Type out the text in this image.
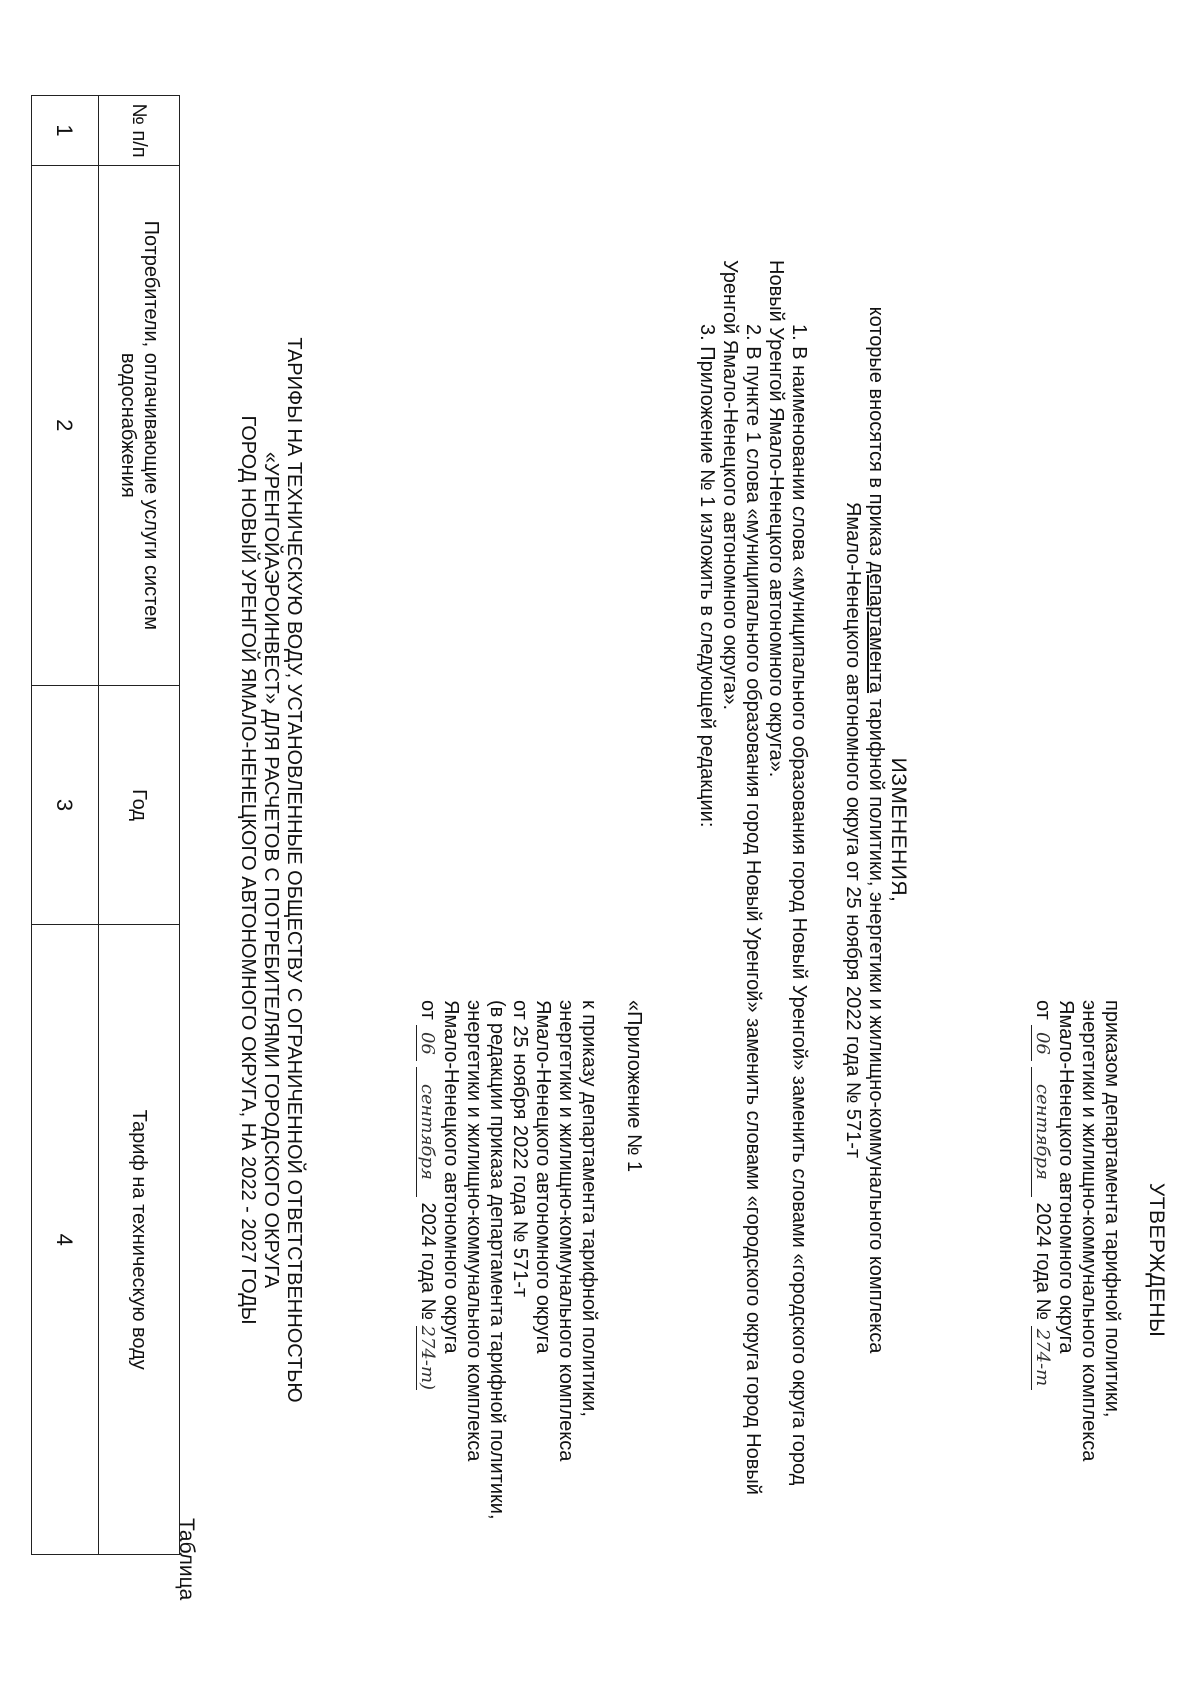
УТВЕРЖДЕНЫ
приказом департамента тарифной политики,
энергетики и жилищно-коммунального комплекса
Ямало-Ненецкого автономного округа
от 06 сентября 2024 года № 274-т
ИЗМЕНЕНИЯ,
которые вносятся в приказ департамента тарифной политики, энергетики и жилищно-коммунального комплекса
Ямало-Ненецкого автономного округа от 25 ноября 2022 года № 571-т
1. В наименовании слова «муниципального образования город Новый Уренгой» заменить словами «городского округа город
Новый Уренгой Ямало-Ненецкого автономного округа».
2. В пункте 1 слова «муниципального образования город Новый Уренгой» заменить словами «городского округа город Новый
Уренгой Ямало-Ненецкого автономного округа».
3. Приложение № 1 изложить в следующей редакции:
«Приложение № 1
к приказу департамента тарифной политики,
энергетики и жилищно-коммунального комплекса
Ямало-Ненецкого автономного округа
от 25 ноября 2022 года № 571-т
(в редакции приказа департамента тарифной политики,
энергетики и жилищно-коммунального комплекса
Ямало-Ненецкого автономного округа
от 06 сентября 2024 года № 274-т)
ТАРИФЫ НА ТЕХНИЧЕСКУЮ ВОДУ, УСТАНОВЛЕННЫЕ ОБЩЕСТВУ С ОГРАНИЧЕННОЙ ОТВЕТСТВЕННОСТЬЮ
«УРЕНГОЙАЭРОИНВЕСТ» ДЛЯ РАСЧЕТОВ С ПОТРЕБИТЕЛЯМИ ГОРОДСКОГО ОКРУГА
ГОРОД НОВЫЙ УРЕНГОЙ ЯМАЛО-НЕНЕЦКОГО АВТОНОМНОГО ОКРУГА, НА 2022 - 2027 ГОДЫ
Таблица
№ п/п	Потребители, оплачивающие услуги систем водоснабжения	Год	Тариф на техническую воду
1	2	3	4
